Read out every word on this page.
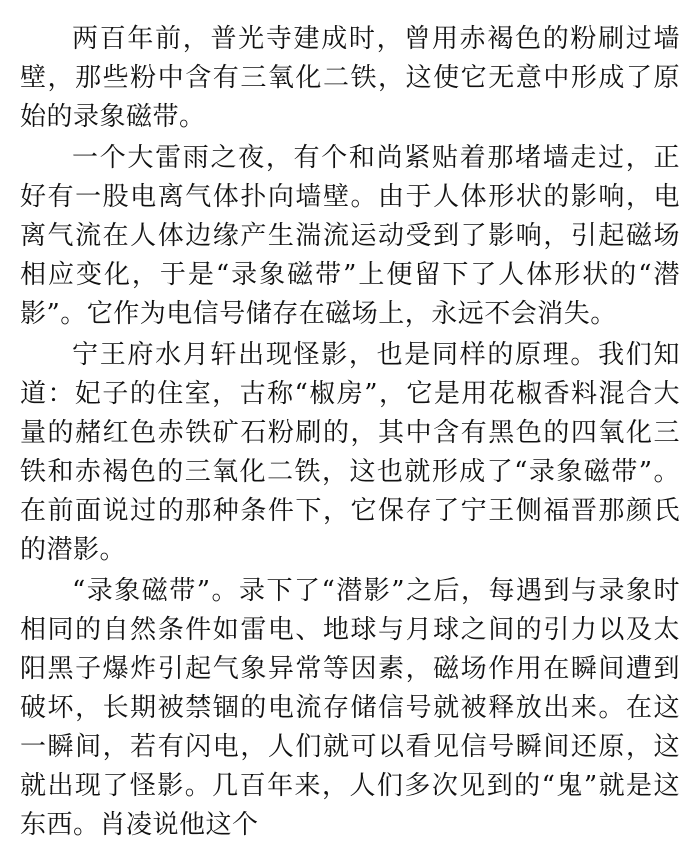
两百年前，普光寺建成时，曾用赤褐色的粉刷过墙壁，那些粉中含有三氧化二铁，这使它无意中形成了原始的录象磁带。

一个大雷雨之夜，有个和尚紧贴着那堵墙走过，正好有一股电离气体扑向墙壁。由于人体形状的影响，电离气流在人体边缘产生湍流运动受到了影响，引起磁场相应变化，于是“录象磁带”上便留下了人体形状的“潜影”。它作为电信号储存在磁场上，永远不会消失。

宁王府水月轩出现怪影，也是同样的原理。我们知道：妃子的住室，古称“椒房”，它是用花椒香料混合大量的赭红色赤铁矿石粉刷的，其中含有黑色的四氧化三铁和赤褐色的三氧化二铁，这也就形成了“录象磁带”。在前面说过的那种条件下，它保存了宁王侧福晋那颜氏的潜影。

“录象磁带”。录下了“潜影”之后，每遇到与录象时相同的自然条件如雷电、地球与月球之间的引力以及太阳黑子爆炸引起气象异常等因素，磁场作用在瞬间遭到破坏，长期被禁锢的电流存储信号就被释放出来。在这一瞬间，若有闪电，人们就可以看见信号瞬间还原，这就出现了怪影。几百年来，人们多次见到的“鬼”就是这东西。肖凌说他这个
